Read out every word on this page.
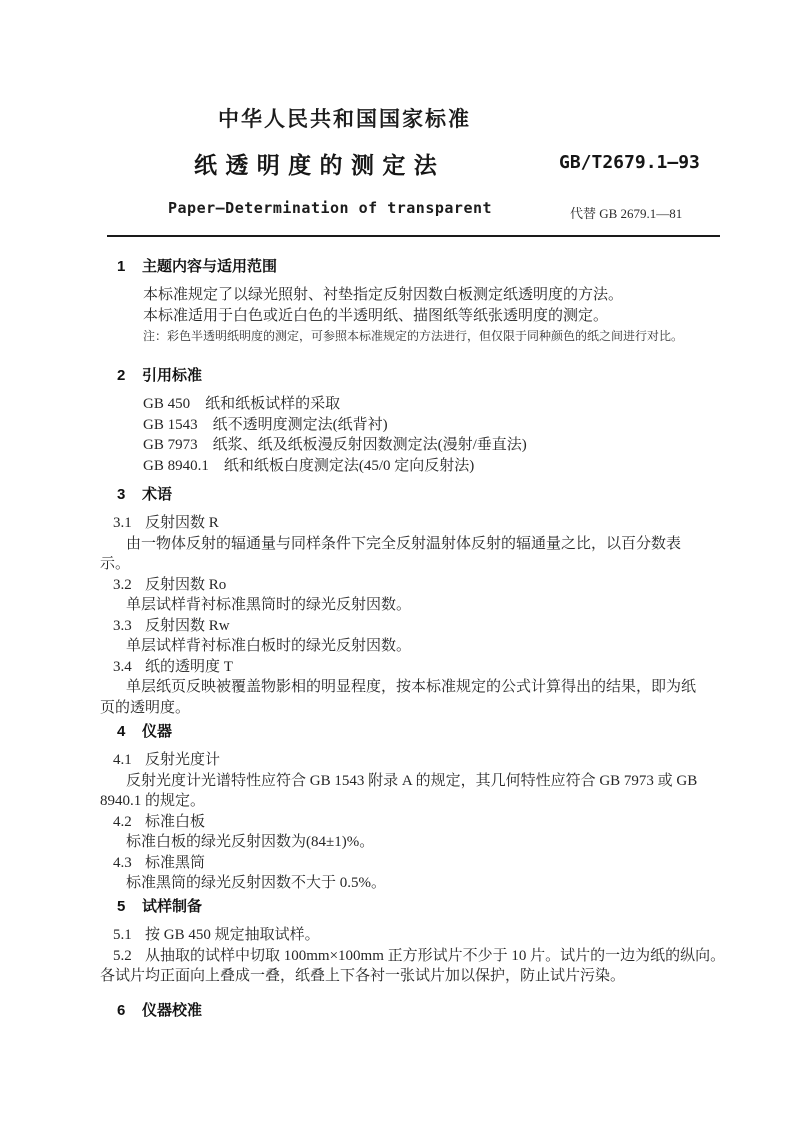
中华人民共和国国家标准
纸 透 明 度 的 测 定 法	GB/T2679.1—93
Paper—Determination of transparent	代替 GB 2679.1—81
1 主题内容与适用范围
本标准规定了以绿光照射、衬垫指定反射因数白板测定纸透明度的方法。
本标准适用于白色或近白色的半透明纸、描图纸等纸张透明度的测定。
注：彩色半透明纸明度的测定，可参照本标准规定的方法进行，但仅限于同种颜色的纸之间进行对比。
2 引用标准
GB 450　纸和纸板试样的采取
GB 1543　纸不透明度测定法(纸背衬)
GB 7973　纸浆、纸及纸板漫反射因数测定法(漫射/垂直法)
GB 8940.1　纸和纸板白度测定法(45/0 定向反射法)
3 术语
3.1 反射因数 R
由一物体反射的辐通量与同样条件下完全反射温射体反射的辐通量之比，以百分数表
示。
3.2 反射因数 Ro
单层试样背衬标准黑筒时的绿光反射因数。
3.3 反射因数 Rw
单层试样背衬标准白板时的绿光反射因数。
3.4 纸的透明度 T
单层纸页反映被覆盖物影相的明显程度，按本标准规定的公式计算得出的结果，即为纸
页的透明度。
4 仪器
4.1 反射光度计
反射光度计光谱特性应符合 GB 1543 附录 A 的规定，其几何特性应符合 GB 7973 或 GB
8940.1 的规定。
4.2 标准白板
标准白板的绿光反射因数为(84±1)%。
4.3 标准黑筒
标准黑筒的绿光反射因数不大于 0.5%。
5 试样制备
5.1 按 GB 450 规定抽取试样。
5.2 从抽取的试样中切取 100mm×100mm 正方形试片不少于 10 片。试片的一边为纸的纵向。
各试片均正面向上叠成一叠，纸叠上下各衬一张试片加以保护，防止试片污染。
6 仪器校准
